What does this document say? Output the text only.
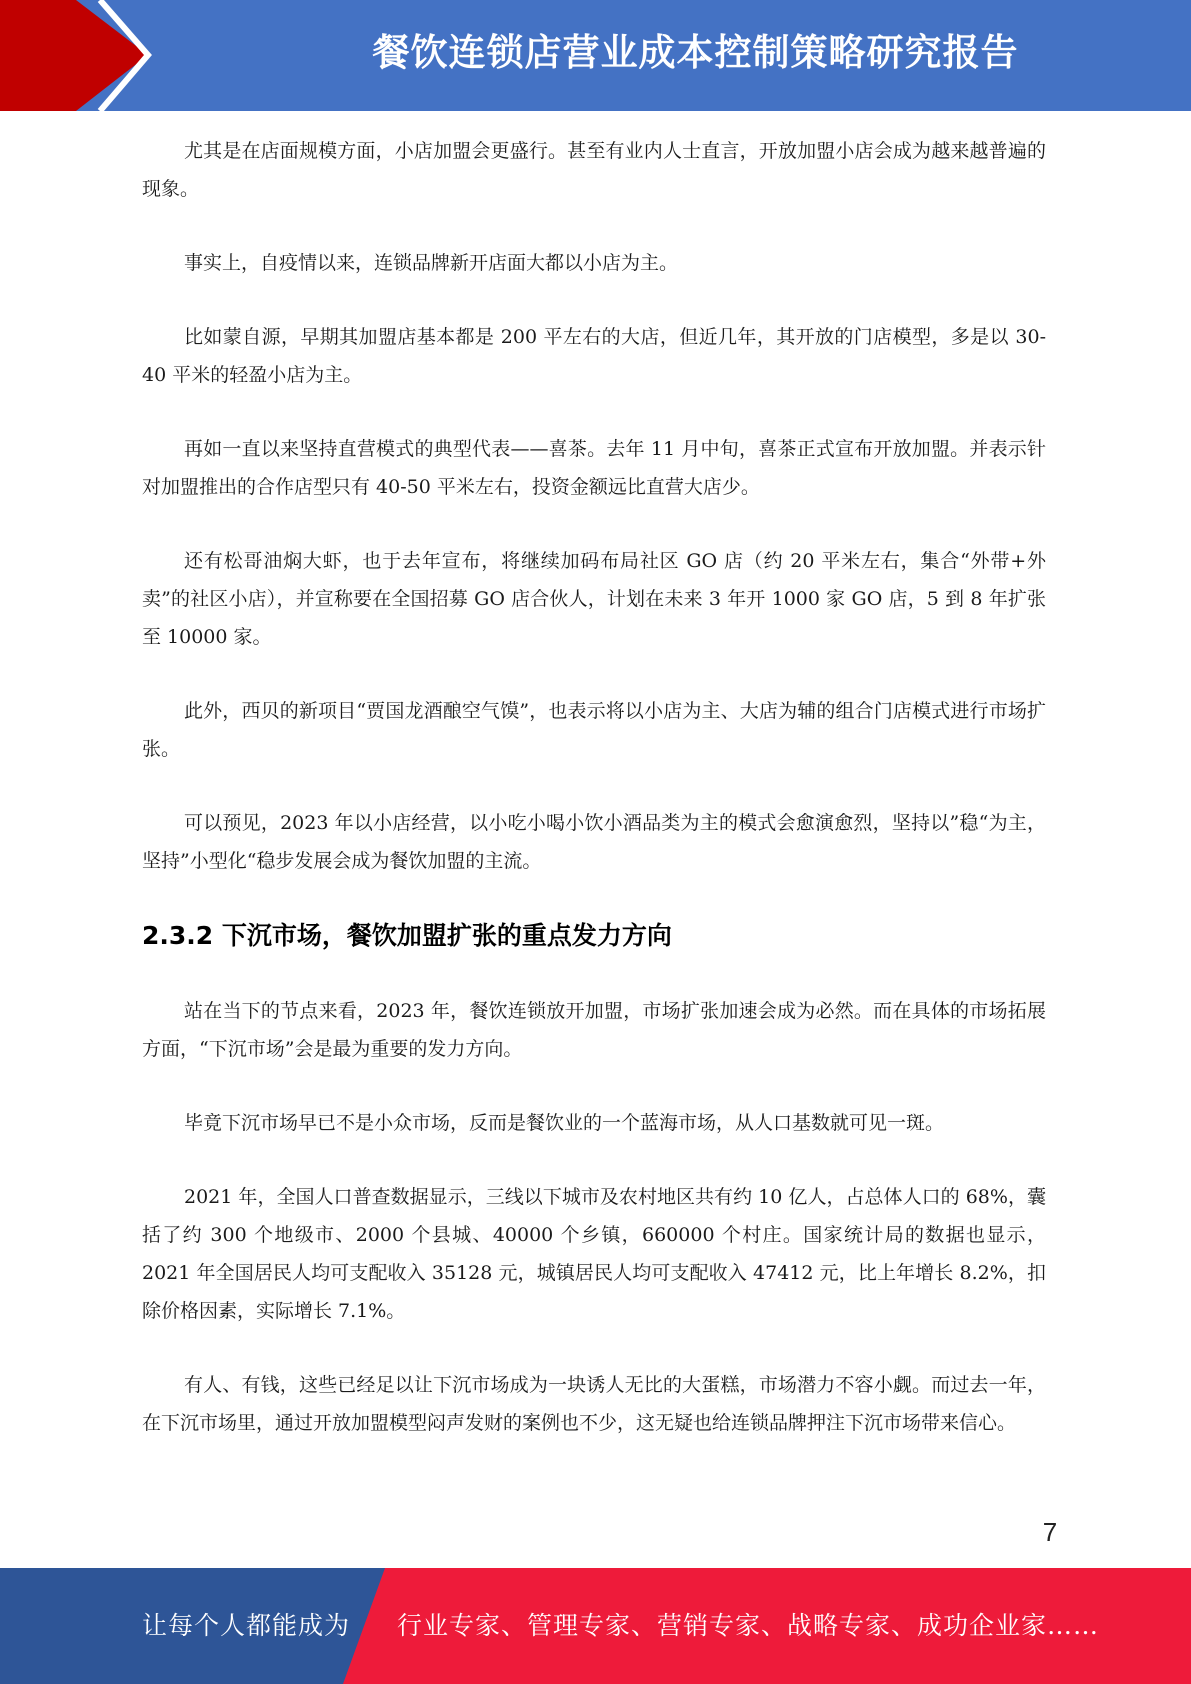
餐饮连锁店营业成本控制策略研究报告

尤其是在店面规模方面，小店加盟会更盛行。甚至有业内人士直言，开放加盟小店会成为越来越普遍的现象。

事实上，自疫情以来，连锁品牌新开店面大都以小店为主。

比如蒙自源，早期其加盟店基本都是 200 平左右的大店，但近几年，其开放的门店模型，多是以 30-40 平米的轻盈小店为主。

再如一直以来坚持直营模式的典型代表——喜茶。去年 11 月中旬，喜茶正式宣布开放加盟。并表示针对加盟推出的合作店型只有 40-50 平米左右，投资金额远比直营大店少。

还有松哥油焖大虾，也于去年宣布，将继续加码布局社区 GO 店（约 20 平米左右，集合“外带+外卖”的社区小店），并宣称要在全国招募 GO 店合伙人，计划在未来 3 年开 1000 家 GO 店，5 到 8 年扩张至 10000 家。

此外，西贝的新项目“贾国龙酒酿空气馍”，也表示将以小店为主、大店为辅的组合门店模式进行市场扩张。

可以预见，2023 年以小店经营，以小吃小喝小饮小酒品类为主的模式会愈演愈烈，坚持以”稳“为主，坚持”小型化“稳步发展会成为餐饮加盟的主流。

2.3.2 下沉市场，餐饮加盟扩张的重点发力方向

站在当下的节点来看，2023 年，餐饮连锁放开加盟，市场扩张加速会成为必然。而在具体的市场拓展方面，“下沉市场”会是最为重要的发力方向。

毕竟下沉市场早已不是小众市场，反而是餐饮业的一个蓝海市场，从人口基数就可见一斑。

2021 年，全国人口普查数据显示，三线以下城市及农村地区共有约 10 亿人，占总体人口的 68%，囊括了约 300 个地级市、2000 个县城、40000 个乡镇，660000 个村庄。国家统计局的数据也显示，2021 年全国居民人均可支配收入 35128 元，城镇居民人均可支配收入 47412 元，比上年增长 8.2%，扣除价格因素，实际增长 7.1%。

有人、有钱，这些已经足以让下沉市场成为一块诱人无比的大蛋糕，市场潜力不容小觑。而过去一年，在下沉市场里，通过开放加盟模型闷声发财的案例也不少，这无疑也给连锁品牌押注下沉市场带来信心。

7
让每个人都能成为 行业专家、管理专家、营销专家、战略专家、成功企业家……
